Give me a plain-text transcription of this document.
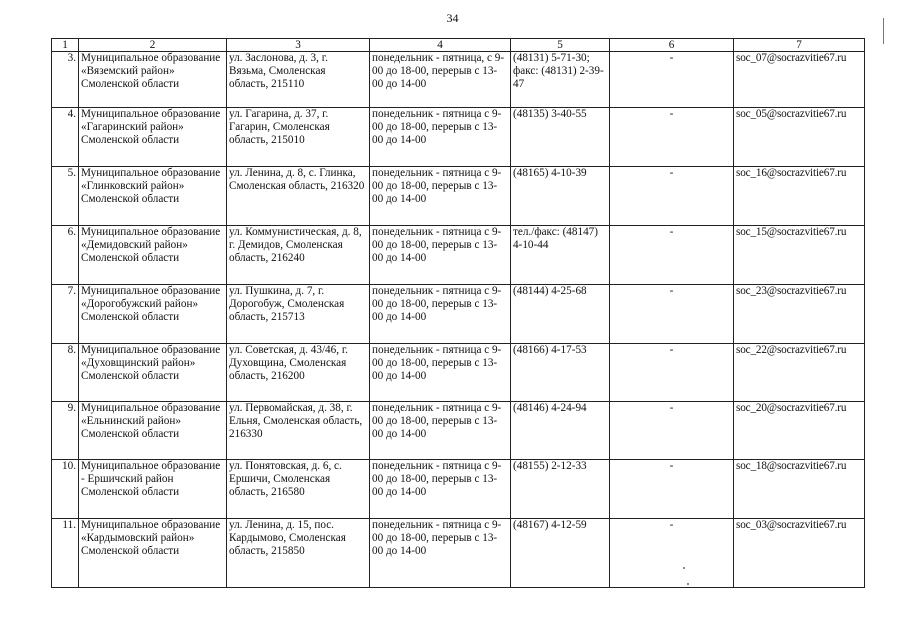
34
1	2	3	4	5	6	7
3.	Муниципальное образование «Вяземский район» Смоленской области	ул. Заслонова, д. 3, г. Вязьма, Смоленская область, 215110	понедельник - пятница, с 9-00 до 18-00, перерыв с 13-00 до 14-00	(48131) 5-71-30; факс: (48131) 2-39-47	-	soc_07@socrazvitie67.ru
4.	Муниципальное образование «Гагаринский район» Смоленской области	ул. Гагарина, д. 37, г. Гагарин, Смоленская область, 215010	понедельник - пятница с 9-00 до 18-00, перерыв с 13-00 до 14-00	(48135) 3-40-55	-	soc_05@socrazvitie67.ru
5.	Муниципальное образование «Глинковский район» Смоленской области	ул. Ленина, д. 8, с. Глинка, Смоленская область, 216320	понедельник - пятница с 9-00 до 18-00, перерыв с 13-00 до 14-00	(48165) 4-10-39	-	soc_16@socrazvitie67.ru
6.	Муниципальное образование «Демидовский район» Смоленской области	ул. Коммунистическая, д. 8, г. Демидов, Смоленская область, 216240	понедельник - пятница с 9-00 до 18-00, перерыв с 13-00 до 14-00	тел./факс: (48147) 4-10-44	-	soc_15@socrazvitie67.ru
7.	Муниципальное образование «Дорогобужский район» Смоленской области	ул. Пушкина, д. 7, г. Дорогобуж, Смоленская область, 215713	понедельник - пятница с 9-00 до 18-00, перерыв с 13-00 до 14-00	(48144) 4-25-68	-	soc_23@socrazvitie67.ru
8.	Муниципальное образование «Духовщинский район» Смоленской области	ул. Советская, д. 43/46, г. Духовщина, Смоленская область, 216200	понедельник - пятница с 9-00 до 18-00, перерыв с 13-00 до 14-00	(48166) 4-17-53	-	soc_22@socrazvitie67.ru
9.	Муниципальное образование «Ельнинский район» Смоленской области	ул. Первомайская, д. 38, г. Ельня, Смоленская область, 216330	понедельник - пятница с 9-00 до 18-00, перерыв с 13-00 до 14-00	(48146) 4-24-94	-	soc_20@socrazvitie67.ru
10.	Муниципальное образование - Ершичский район Смоленской области	ул. Понятовская, д. 6, с. Ершичи, Смоленская область, 216580	понедельник - пятница с 9-00 до 18-00, перерыв с 13-00 до 14-00	(48155) 2-12-33	-	soc_18@socrazvitie67.ru
11.	Муниципальное образование «Кардымовский район» Смоленской области	ул. Ленина, д. 15, пос. Кардымово, Смоленская область, 215850	понедельник - пятница с 9-00 до 18-00, перерыв с 13-00 до 14-00	(48167) 4-12-59	-	soc_03@socrazvitie67.ru
